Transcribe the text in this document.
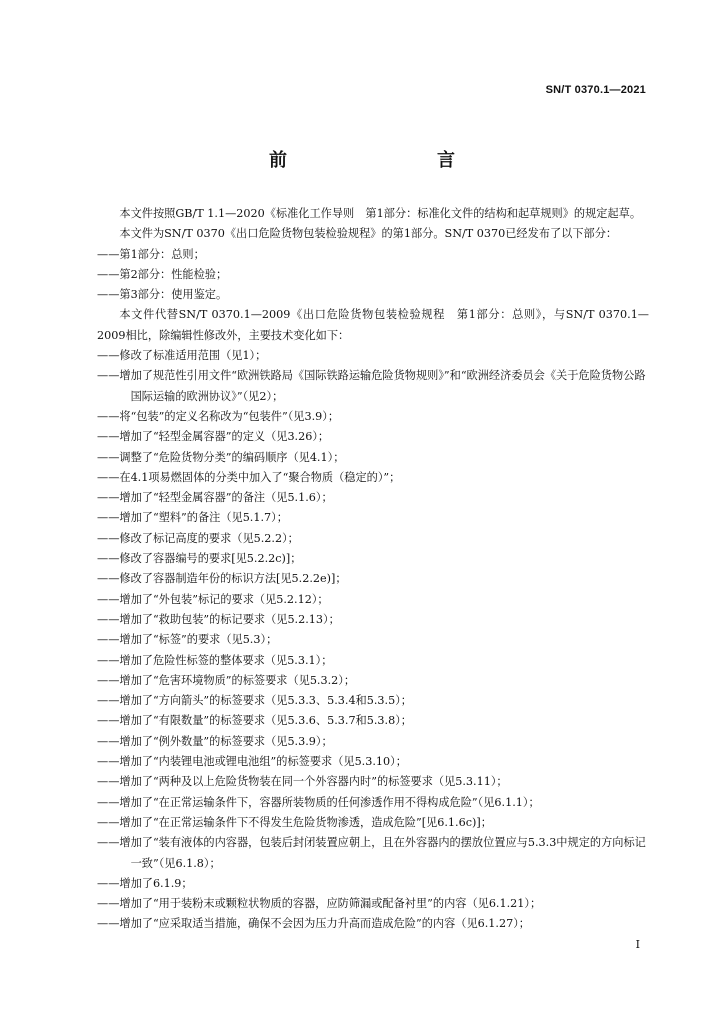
SN/T 0370.1—2021
前　　言
本文件按照GB/T 1.1—2020《标准化工作导则　第1部分：标准化文件的结构和起草规则》的规定起草。
本文件为SN/T 0370《出口危险货物包装检验规程》的第1部分。SN/T 0370已经发布了以下部分：
——第1部分：总则；
——第2部分：性能检验；
——第3部分：使用鉴定。
本文件代替SN/T 0370.1—2009《出口危险货物包装检验规程　第1部分：总则》，与SN/T 0370.1—2009相比，除编辑性修改外，主要技术变化如下：
——修改了标准适用范围（见1）；
——增加了规范性引用文件“欧洲铁路局《国际铁路运输危险货物规则》”和“欧洲经济委员会《关于危险货物公路国际运输的欧洲协议》”（见2）；
——将“包装”的定义名称改为“包装件”（见3.9）；
——增加了“轻型金属容器”的定义（见3.26）；
——调整了“危险货物分类”的编码顺序（见4.1）；
——在4.1项易燃固体的分类中加入了“聚合物质（稳定的）”；
——增加了“轻型金属容器”的备注（见5.1.6）；
——增加了“塑料”的备注（见5.1.7）；
——修改了标记高度的要求（见5.2.2）；
——修改了容器编号的要求[见5.2.2c)]；
——修改了容器制造年份的标识方法[见5.2.2e)]；
——增加了“外包装”标记的要求（见5.2.12）；
——增加了“救助包装”的标记要求（见5.2.13）；
——增加了“标签”的要求（见5.3）；
——增加了危险性标签的整体要求（见5.3.1）；
——增加了“危害环境物质”的标签要求（见5.3.2）；
——增加了“方向箭头”的标签要求（见5.3.3、5.3.4和5.3.5）；
——增加了“有限数量”的标签要求（见5.3.6、5.3.7和5.3.8）；
——增加了“例外数量”的标签要求（见5.3.9）；
——增加了“内装锂电池或锂电池组”的标签要求（见5.3.10）；
——增加了“两种及以上危险货物装在同一个外容器内时”的标签要求（见5.3.11）；
——增加了“在正常运输条件下，容器所装物质的任何渗透作用不得构成危险”（见6.1.1）；
——增加了“在正常运输条件下不得发生危险货物渗透，造成危险”[见6.1.6c)]；
——增加了“装有液体的内容器，包装后封闭装置应朝上，且在外容器内的摆放位置应与5.3.3中规定的方向标记一致”（见6.1.8）；
——增加了6.1.9；
——增加了“用于装粉末或颗粒状物质的容器，应防筛漏或配备衬里”的内容（见6.1.21）；
——增加了“应采取适当措施，确保不会因为压力升高而造成危险”的内容（见6.1.27）；
I
